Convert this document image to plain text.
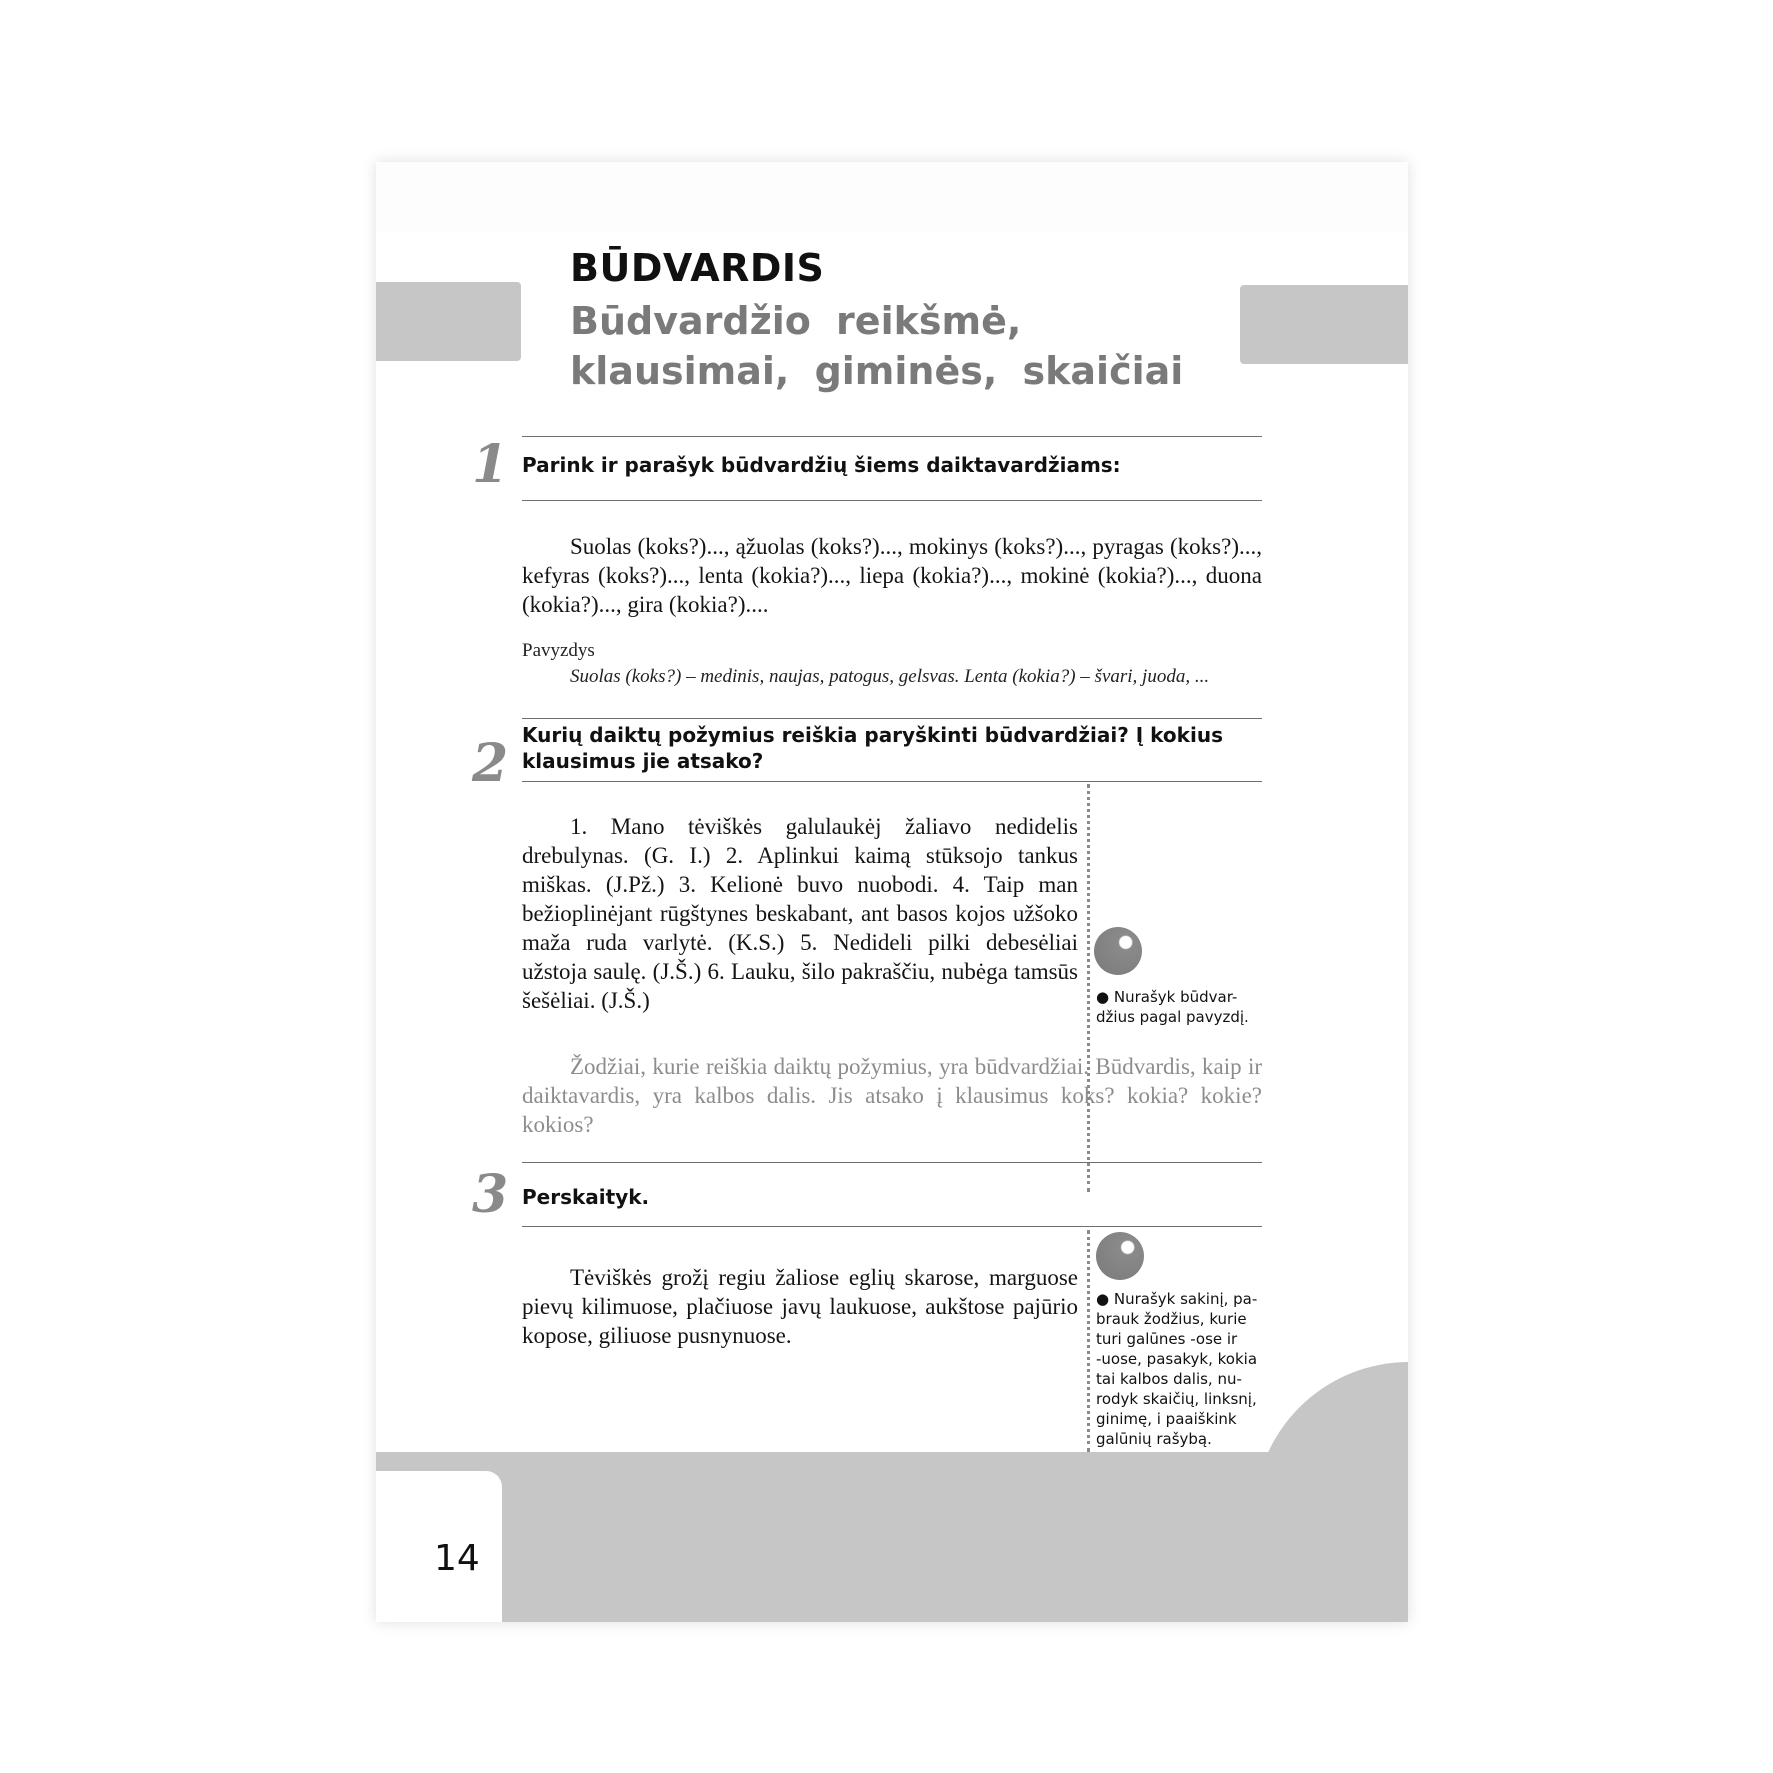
BŪDVARDIS
Būdvardžio reikšmė, klausimai, giminės, skaičiai
1 Parink ir parašyk būdvardžių šiems daiktavardžiams:

Suolas (koks?)..., ąžuolas (koks?)..., mokinys (koks?)..., pyragas (koks?)..., kefyras (koks?)..., lenta (kokia?)..., liepa (kokia?)..., mokinė (kokia?)..., duona (kokia?)..., gira (kokia?)....

Pavyzdys

Suolas (koks?) – medinis, naujas, patogus, gelsvas. Lenta (kokia?) – švari, juoda, ...

2 Kurių daiktų požymius reiškia paryškinti būdvardžiai? Į kokius klausimus jie atsako?

1. Mano tėviškės galulaukėj žaliavo nedidelis drebulynas. (G. I.) 2. Aplinkui kaimą stūksojo tankus miškas. (J.Pž.) 3. Kelionė buvo nuobodi. 4. Taip man bežioplinėjant rūgštynes beskabant, ant basos kojos užšoko maža ruda varlytė. (K.S.) 5. Nedideli pilki debesėliai užstoja saulę. (J.Š.) 6. Lauku, šilo pakraščiu, nubėga tamsūs šešėliai. (J.Š.)	● Nurašyk būdvar-
džius pagal pavyzdį.

Žodžiai, kurie reiškia daiktų požymius, yra būdvardžiai. Būdvardis, kaip ir daiktavardis, yra kalbos dalis. Jis atsako į klausimus koks? kokia? kokie? kokios?

3 Perskaityk.

Tėviškės grožį regiu žaliose eglių skarose, marguose pievų kilimuose, plačiuose javų laukuose, aukštose pajūrio kopose, giliuose pusnynuose.

● Nurašyk sakinį, pa-
brauk žodžius, kurie
turi galūnes -ose ir
-uose, pasakyk, kokia
tai kalbos dalis, nu-
rodyk skaičių, linksnį,
ginimę, i paaiškink
galūnių rašybą.

14
